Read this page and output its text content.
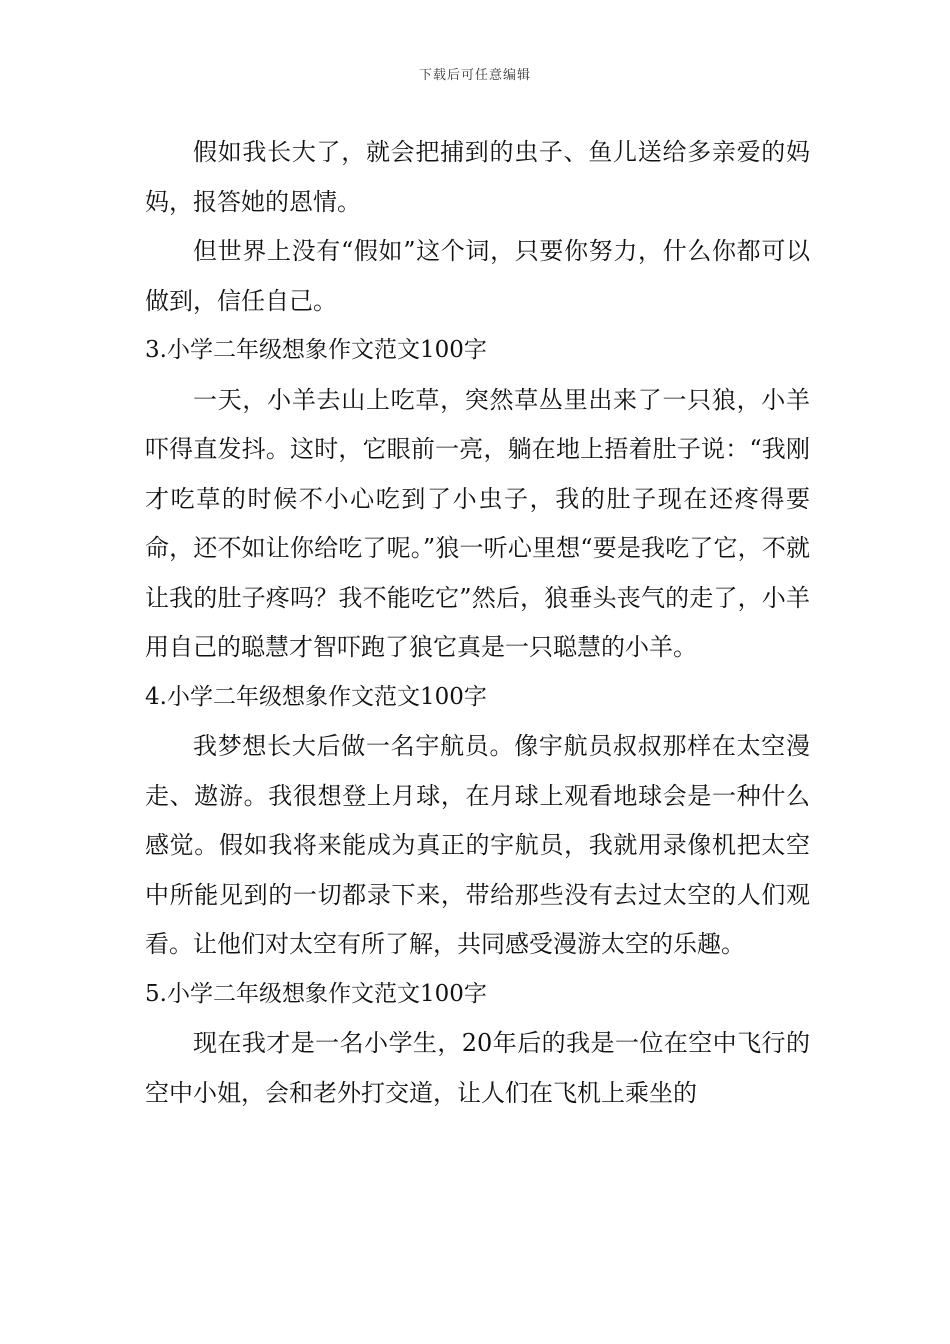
下载后可任意编辑

假如我长大了，就会把捕到的虫子、鱼儿送给多亲爱的妈妈，报答她的恩情。

但世界上没有“假如”这个词，只要你努力，什么你都可以做到，信任自己。

3.小学二年级想象作文范文100字

一天，小羊去山上吃草，突然草丛里出来了一只狼，小羊吓得直发抖。这时，它眼前一亮，躺在地上捂着肚子说：“我刚才吃草的时候不小心吃到了小虫子，我的肚子现在还疼得要命，还不如让你给吃了呢。”狼一听心里想“要是我吃了它，不就让我的肚子疼吗？我不能吃它”然后，狼垂头丧气的走了，小羊用自己的聪慧才智吓跑了狼它真是一只聪慧的小羊。

4.小学二年级想象作文范文100字

我梦想长大后做一名宇航员。像宇航员叔叔那样在太空漫走、遨游。我很想登上月球，在月球上观看地球会是一种什么感觉。假如我将来能成为真正的宇航员，我就用录像机把太空中所能见到的一切都录下来，带给那些没有去过太空的人们观看。让他们对太空有所了解，共同感受漫游太空的乐趣。

5.小学二年级想象作文范文100字

现在我才是一名小学生，20年后的我是一位在空中飞行的空中小姐，会和老外打交道，让人们在飞机上乘坐的
